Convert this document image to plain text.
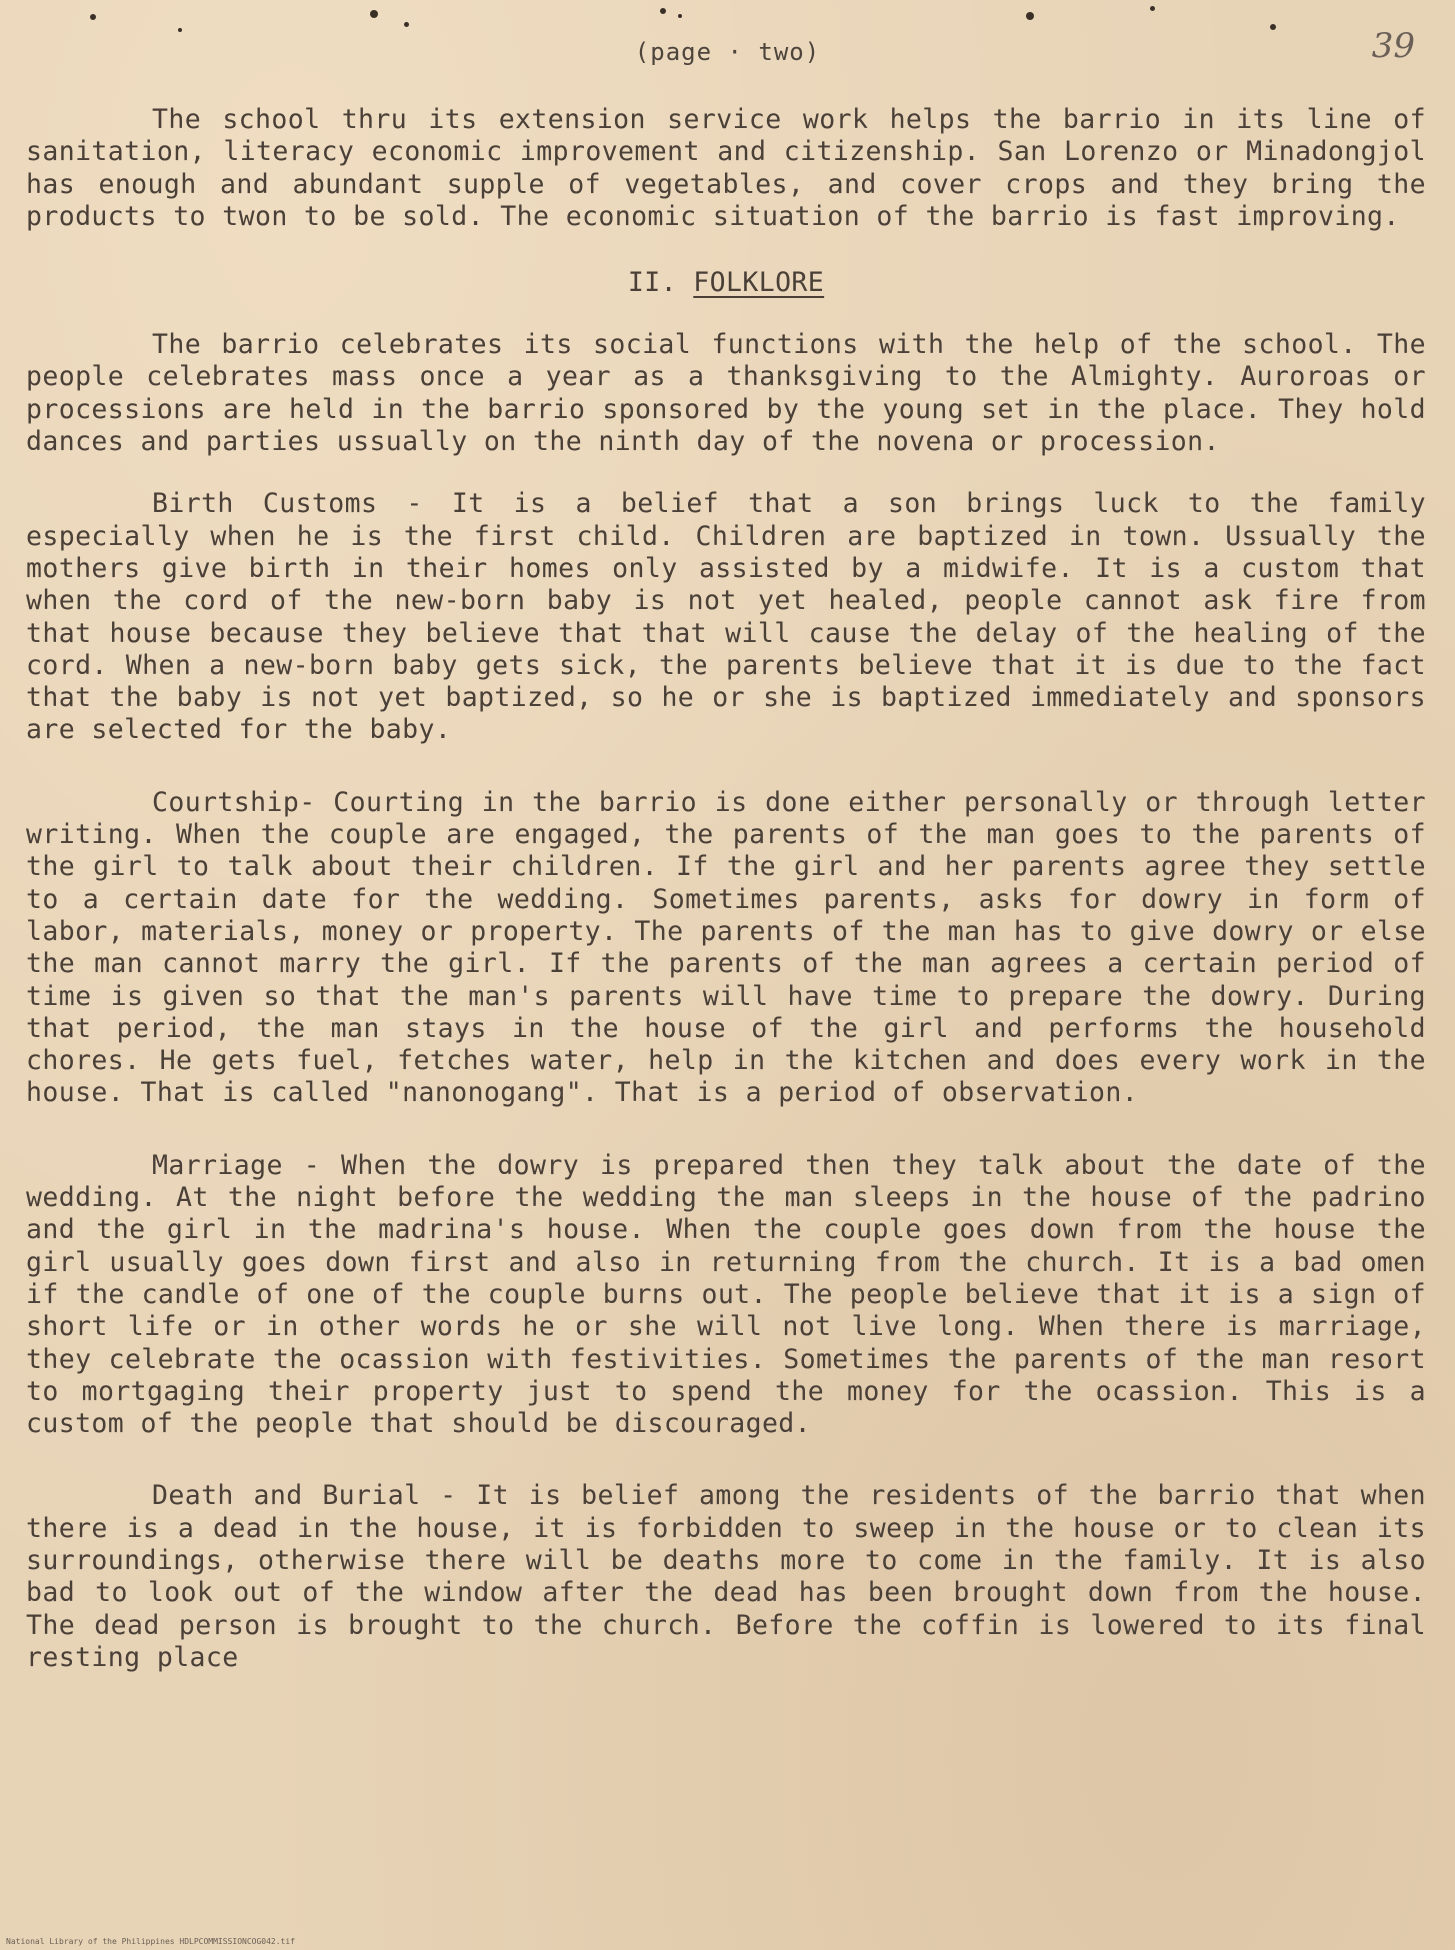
(page · two)	39

The school thru its extension service work helps the barrio in its line of sanitation, literacy economic improvement and citizenship. San Lorenzo or Minadongjol has enough and abundant supple of vegetables, and cover crops and they bring the products to twon to be sold. The economic situation of the barrio is fast improving.

II. FOLKLORE

The barrio celebrates its social functions with the help of the school. The people celebrates mass once a year as a thanksgiving to the Almighty. Auroroas or processions are held in the barrio sponsored by the young set in the place. They hold dances and parties ussually on the ninth day of the novena or procession.

Birth Customs - It is a belief that a son brings luck to the family especially when he is the first child. Children are baptized in town. Ussually the mothers give birth in their homes only assisted by a midwife. It is a custom that when the cord of the new-born baby is not yet healed, people cannot ask fire from that house because they believe that that will cause the delay of the healing of the cord. When a new-born baby gets sick, the parents believe that it is due to the fact that the baby is not yet baptized, so he or she is baptized immediately and sponsors are selected for the baby.

Courtship- Courting in the barrio is done either personally or through letter writing. When the couple are engaged, the parents of the man goes to the parents of the girl to talk about their children. If the girl and her parents agree they settle to a certain date for the wedding. Sometimes parents, asks for dowry in form of labor, materials, money or property. The parents of the man has to give dowry or else the man cannot marry the girl. If the parents of the man agrees a certain period of time is given so that the man's parents will have time to prepare the dowry. During that period, the man stays in the house of the girl and performs the household chores. He gets fuel, fetches water, help in the kitchen and does every work in the house. That is called "nanonogang". That is a period of observation.

Marriage - When the dowry is prepared then they talk about the date of the wedding. At the night before the wedding the man sleeps in the house of the padrino and the girl in the madrina's house. When the couple goes down from the house the girl usually goes down first and also in returning from the church. It is a bad omen if the candle of one of the couple burns out. The people believe that it is a sign of short life or in other words he or she will not live long. When there is marriage, they celebrate the ocassion with festivities. Sometimes the parents of the man resort to mortgaging their property just to spend the money for the ocassion. This is a custom of the people that should be discouraged.

Death and Burial - It is belief among the residents of the barrio that when there is a dead in the house, it is forbidden to sweep in the house or to clean its surroundings, otherwise there will be deaths more to come in the family. It is also bad to look out of the window after the dead has been brought down from the house. The dead person is brought to the church. Before the coffin is lowered to its final resting place

National Library of the Philippines HDLPCOMMISSIONCOG042.tif
